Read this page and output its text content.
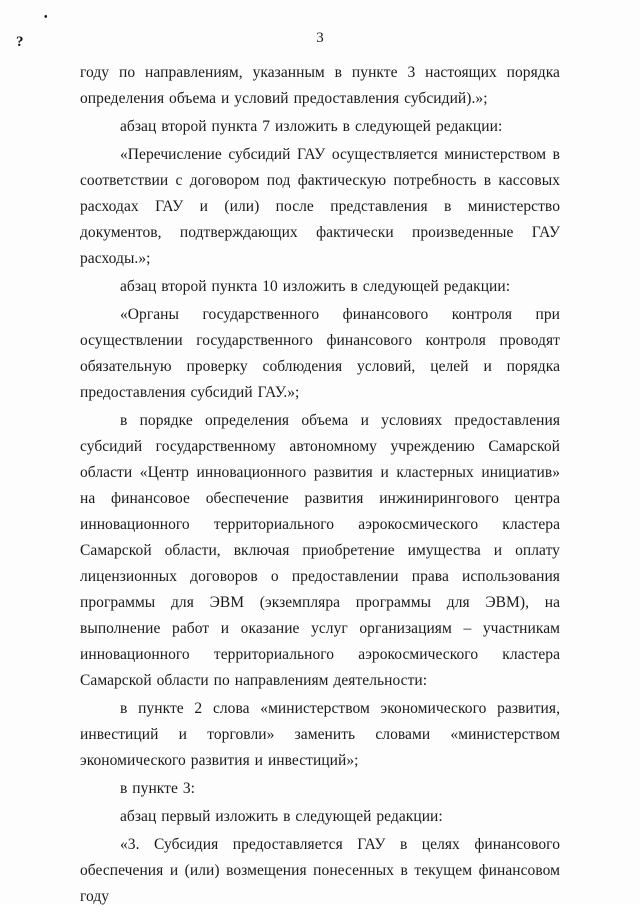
?
•
3

году по направлениям, указанным в пункте 3 настоящих порядка определения объема и условий предоставления субсидий).»;

абзац второй пункта 7 изложить в следующей редакции:

«Перечисление субсидий ГАУ осуществляется министерством в соответствии с договором под фактическую потребность в кассовых расходах ГАУ и (или) после представления в министерство документов, подтверждающих фактически произведенные ГАУ расходы.»;

абзац второй пункта 10 изложить в следующей редакции:

«Органы государственного финансового контроля при осуществлении государственного финансового контроля проводят обязательную проверку соблюдения условий, целей и порядка предоставления субсидий ГАУ.»;

в порядке определения объема и условиях предоставления субсидий государственному автономному учреждению Самарской области «Центр инновационного развития и кластерных инициатив» на финансовое обеспечение развития инжинирингового центра инновационного территориального аэрокосмического кластера Самарской области, включая приобретение имущества и оплату лицензионных договоров о предоставлении права использования программы для ЭВМ (экземпляра программы для ЭВМ), на выполнение работ и оказание услуг организациям – участникам инновационного территориального аэрокосмического кластера Самарской области по направлениям деятельности:

в пункте 2 слова «министерством экономического развития, инвестиций и торговли» заменить словами «министерством экономического развития и инвестиций»;

в пункте 3:

абзац первый изложить в следующей редакции:

«3. Субсидия предоставляется ГАУ в целях финансового обеспечения и (или) возмещения понесенных в текущем финансовом году
